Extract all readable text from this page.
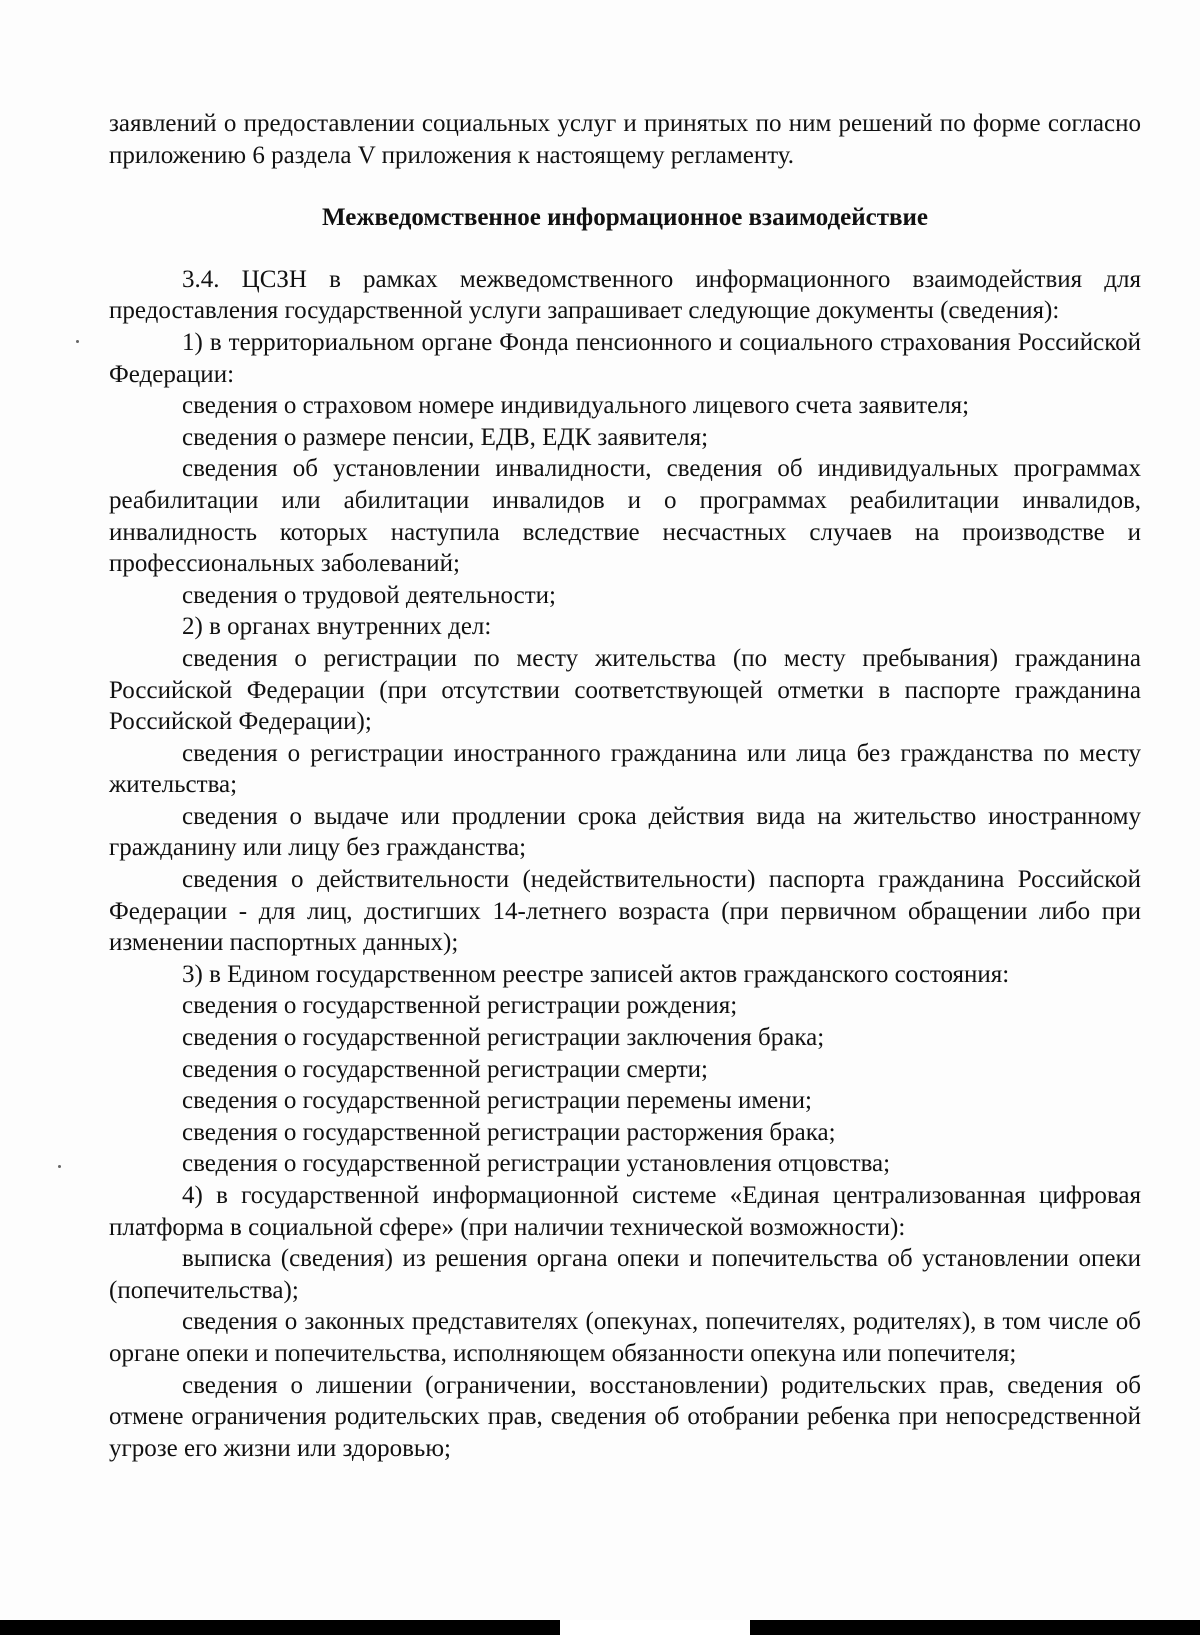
заявлений о предоставлении социальных услуг и принятых по ним решений по форме согласно приложению 6 раздела V приложения к настоящему регламенту.

Межведомственное информационное взаимодействие

3.4. ЦСЗН в рамках межведомственного информационного взаимодействия для предоставления государственной услуги запрашивает следующие документы (сведения):

1) в территориальном органе Фонда пенсионного и социального страхования Российской Федерации:

сведения о страховом номере индивидуального лицевого счета заявителя;

сведения о размере пенсии, ЕДВ, ЕДК заявителя;

сведения об установлении инвалидности, сведения об индивидуальных программах реабилитации или абилитации инвалидов и о программах реабилитации инвалидов, инвалидность которых наступила вследствие несчастных случаев на производстве и профессиональных заболеваний;

сведения о трудовой деятельности;

2) в органах внутренних дел:

сведения о регистрации по месту жительства (по месту пребывания) гражданина Российской Федерации (при отсутствии соответствующей отметки в паспорте гражданина Российской Федерации);

сведения о регистрации иностранного гражданина или лица без гражданства по месту жительства;

сведения о выдаче или продлении срока действия вида на жительство иностранному гражданину или лицу без гражданства;

сведения о действительности (недействительности) паспорта гражданина Российской Федерации - для лиц, достигших 14-летнего возраста (при первичном обращении либо при изменении паспортных данных);

3) в Едином государственном реестре записей актов гражданского состояния:

сведения о государственной регистрации рождения;

сведения о государственной регистрации заключения брака;

сведения о государственной регистрации смерти;

сведения о государственной регистрации перемены имени;

сведения о государственной регистрации расторжения брака;

сведения о государственной регистрации установления отцовства;

4) в государственной информационной системе «Единая централизованная цифровая платформа в социальной сфере» (при наличии технической возможности):

выписка (сведения) из решения органа опеки и попечительства об установлении опеки (попечительства);

сведения о законных представителях (опекунах, попечителях, родителях), в том числе об органе опеки и попечительства, исполняющем обязанности опекуна или попечителя;

сведения о лишении (ограничении, восстановлении) родительских прав, сведения об отмене ограничения родительских прав, сведения об отобрании ребенка при непосредственной угрозе его жизни или здоровью;
